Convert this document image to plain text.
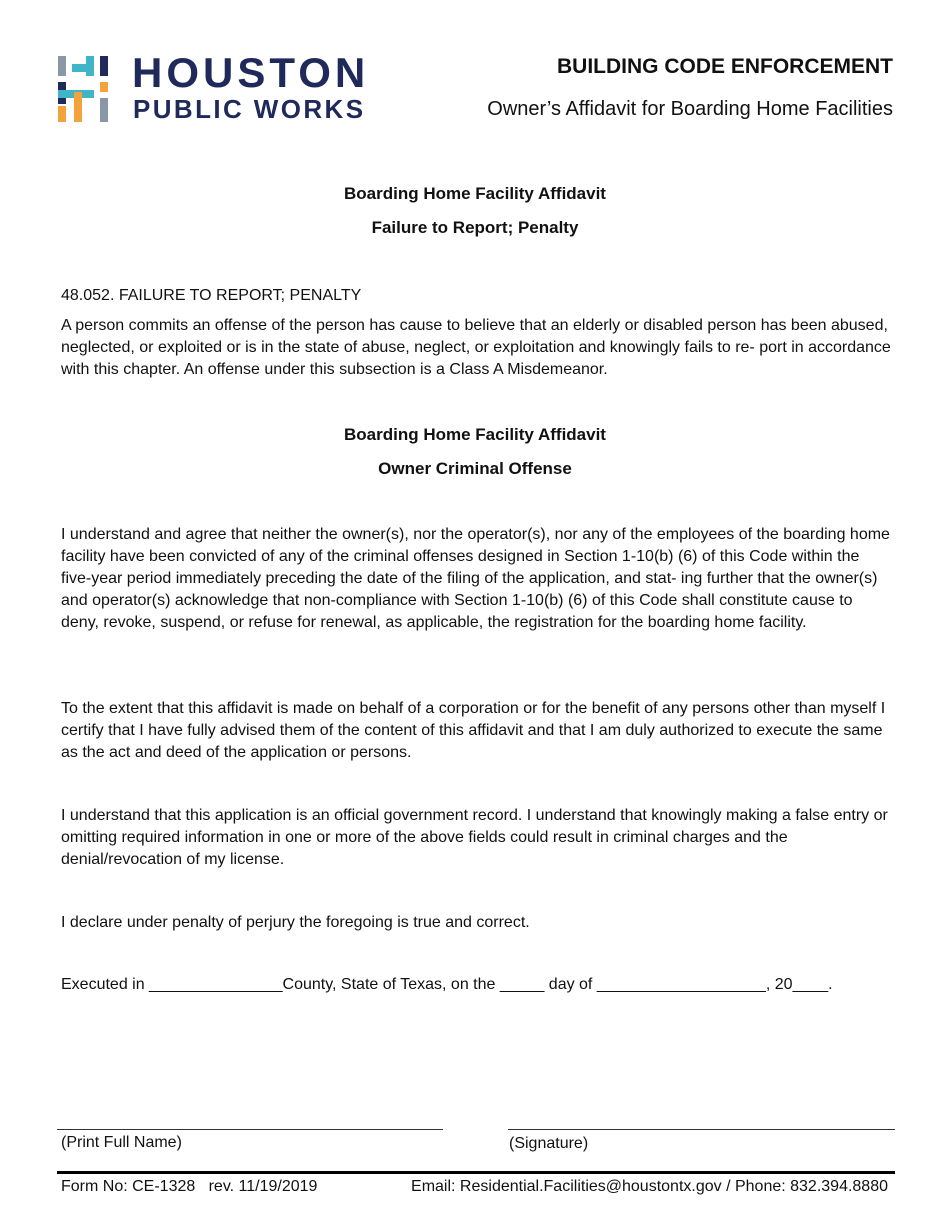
HOUSTON
PUBLIC WORKS
BUILDING CODE ENFORCEMENT
Owner’s Affidavit for Boarding Home Facilities
Boarding Home Facility Affidavit
Failure to Report; Penalty
48.052. FAILURE TO REPORT; PENALTY
A person commits an offense of the person has cause to believe that an elderly or disabled person has been abused, neglected, or exploited or is in the state of abuse, neglect, or exploitation and knowingly fails to re- port in accordance with this chapter. An offense under this subsection is a Class A Misdemeanor.
Boarding Home Facility Affidavit
Owner Criminal Offense
I understand and agree that neither the owner(s), nor the operator(s), nor any of the employees of the boarding home facility have been convicted of any of the criminal offenses designed in Section 1-10(b) (6) of this Code within the five-year period immediately preceding the date of the filing of the application, and stat- ing further that the owner(s) and operator(s) acknowledge that non-compliance with Section 1-10(b) (6) of this Code shall constitute cause to deny, revoke, suspend, or refuse for renewal, as applicable, the registration for the boarding home facility.
To the extent that this affidavit is made on behalf of a corporation or for the benefit of any persons other than myself I certify that I have fully advised them of the content of this affidavit and that I am duly authorized to execute the same as the act and deed of the application or persons.
I understand that this application is an official government record. I understand that knowingly making a false entry or omitting required information in one or more of the above fields could result in criminal charges and the denial/revocation of my license.
I declare under penalty of perjury the foregoing is true and correct.
Executed in _______________County, State of Texas, on the _____ day of ___________________, 20____.
(Print Full Name)	(Signature)
Form No: CE-1328   rev. 11/19/2019	Email: Residential.Facilities@houstontx.gov / Phone: 832.394.8880
